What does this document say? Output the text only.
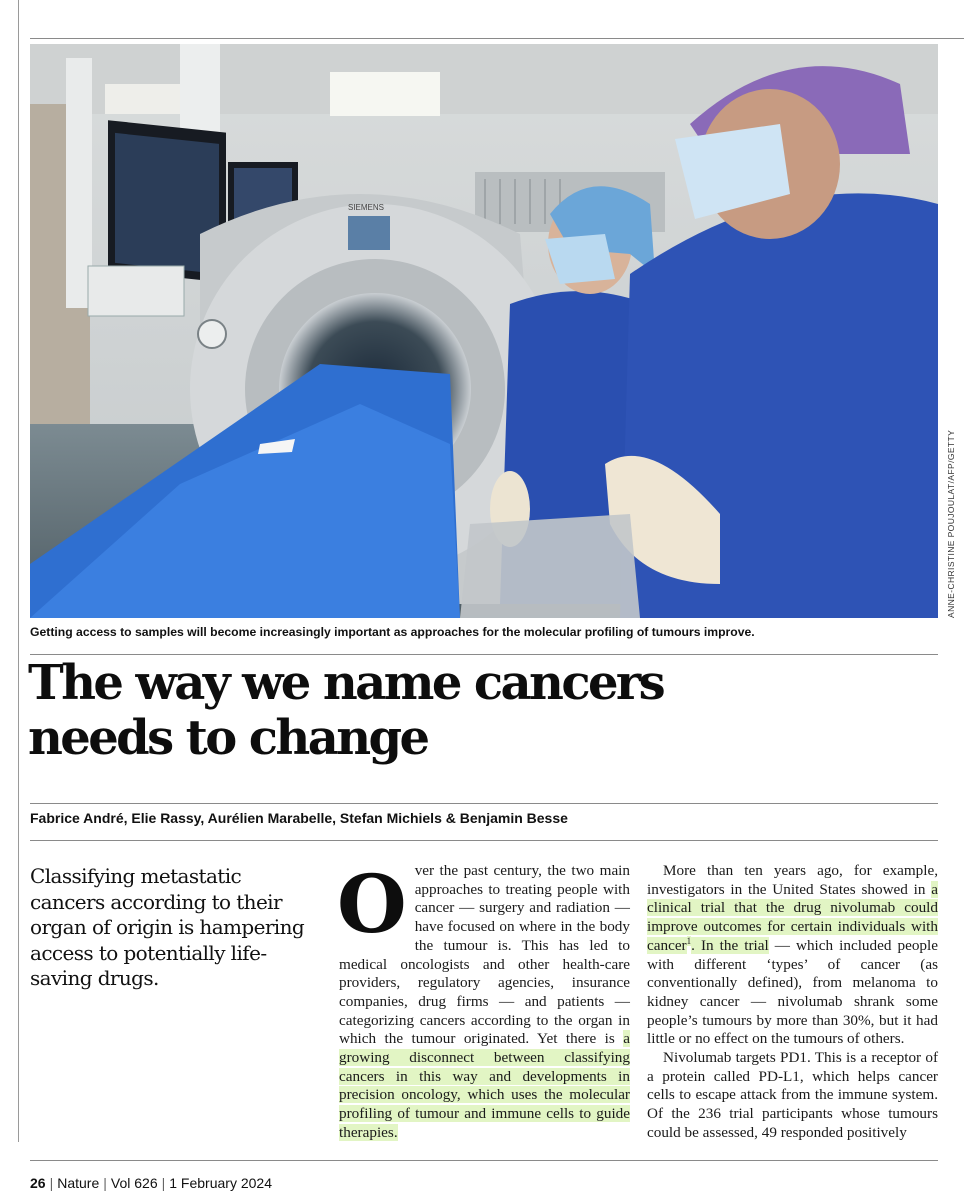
SIEMENS
ANNE-CHRISTINE POUJOULAT/AFP/GETTY
Getting access to samples will become increasingly important as approaches for the molecular profiling of tumours improve.
The way we name cancers
needs to change
Fabrice André, Elie Rassy, Aurélien Marabelle, Stefan Michiels & Benjamin Besse
Classifying metastatic cancers according to their organ of origin is hampering access to potentially life-saving drugs.

Over the past century, the two main approaches to treating people with cancer — surgery and radiation — have focused on where in the body the tumour is. This has led to medical oncologists and other health-care providers, regulatory agencies, insurance companies, drug firms — and patients — categorizing cancers according to the organ in which the tumour originated. Yet there is a growing disconnect between classifying cancers in this way and developments in precision oncology, which uses the molecular profiling of tumour and immune cells to guide therapies.

More than ten years ago, for example, investigators in the United States showed in a clinical trial that the drug nivolumab could improve outcomes for certain individuals with cancer$^1$. In the trial — which included people with different ‘types’ of cancer (as conventionally defined), from melanoma to kidney cancer — nivolumab shrank some people’s tumours by more than 30%, but it had little or no effect on the tumours of others.

Nivolumab targets PD1. This is a receptor of a protein called PD-L1, which helps cancer cells to escape attack from the immune system. Of the 236 trial participants whose tumours could be assessed, 49 responded positively

26 | Nature | Vol 626 | 1 February 2024
